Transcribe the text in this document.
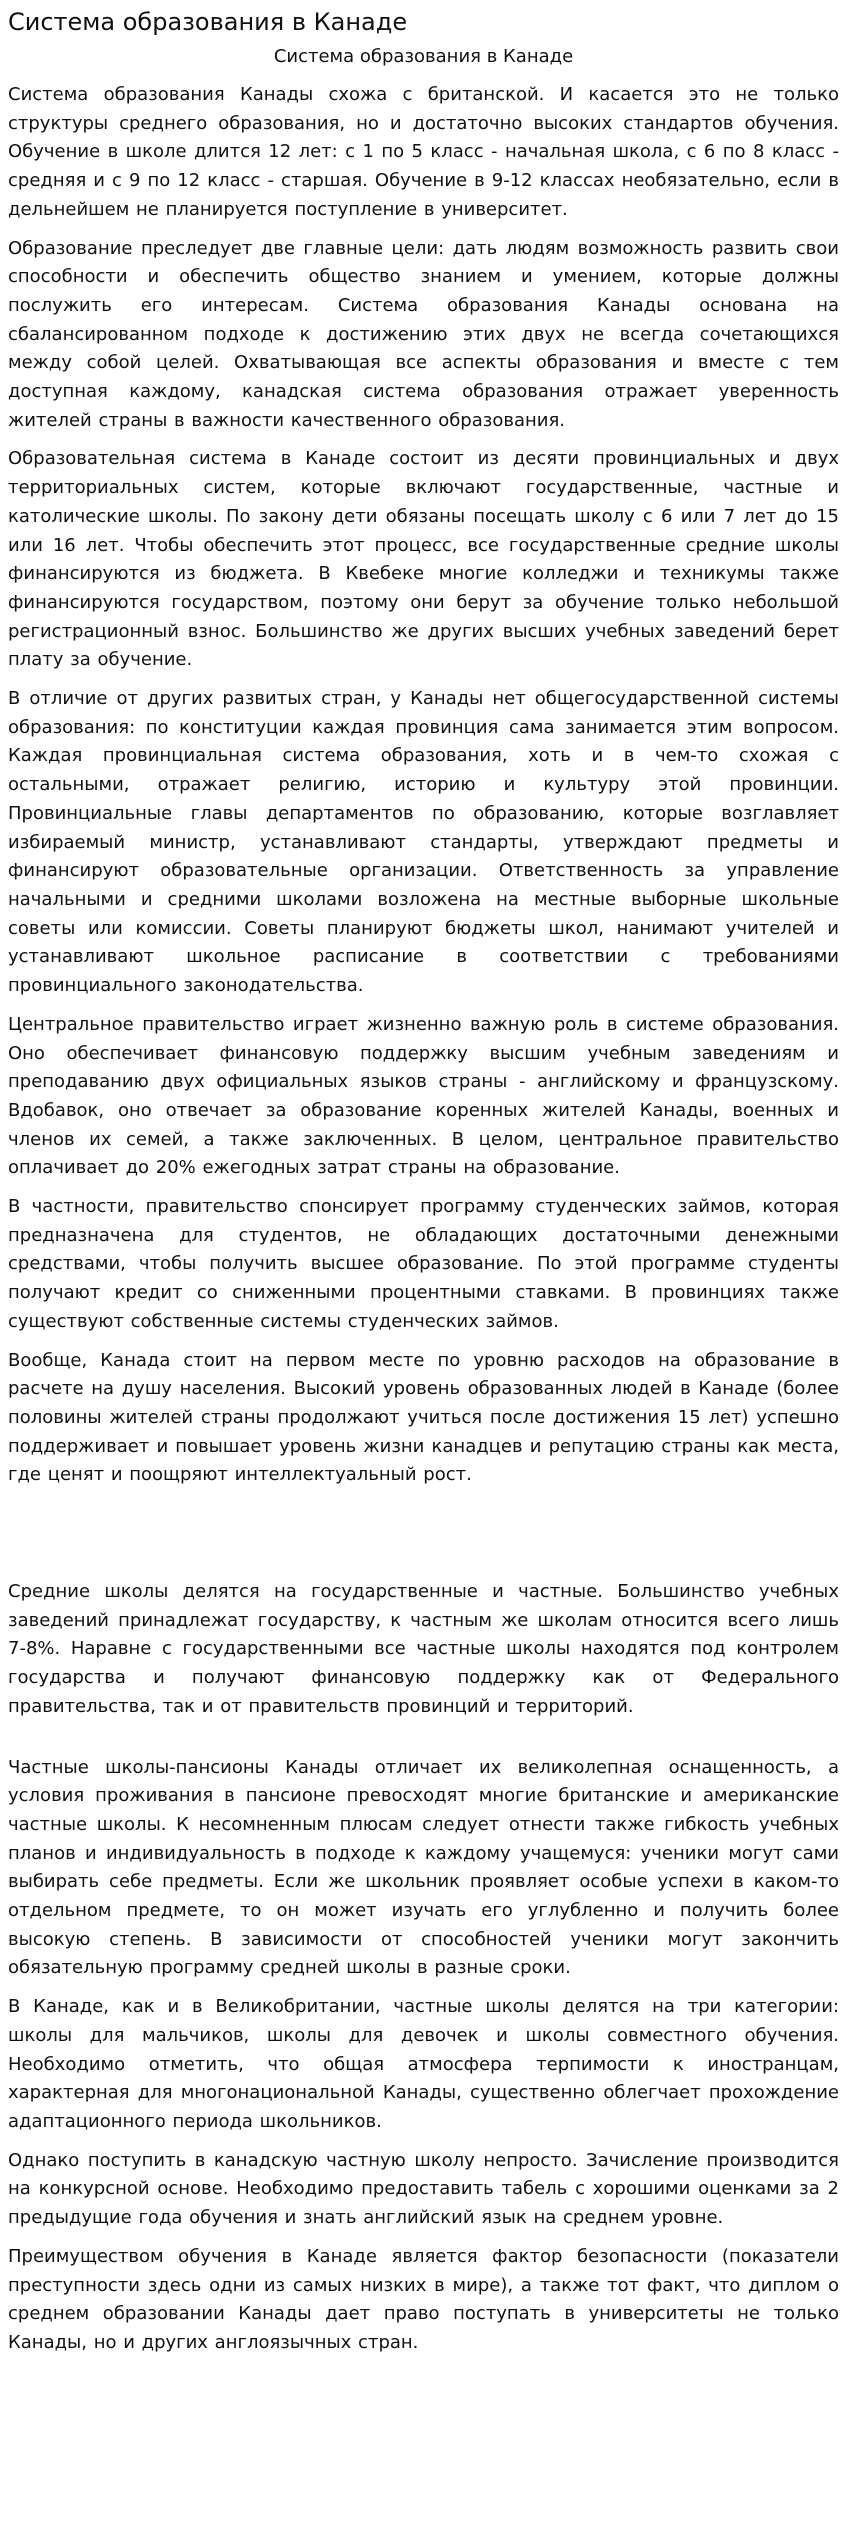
Система образования в Канаде
Система образования в Канаде

Система образования Канады схожа с британской. И касается это не только структуры среднего образования, но и достаточно высоких стандартов обучения. Обучение в школе длится 12 лет: с 1 по 5 класс - начальная школа, с 6 по 8 класс - средняя и с 9 по 12 класс - старшая. Обучение в 9-12 классах необязательно, если в дельнейшем не планируется поступление в университет.

Образование преследует две главные цели: дать людям возможность развить свои способности и обеспечить общество знанием и умением, которые должны послужить его интересам. Система образования Канады основана на сбалансированном подходе к достижению этих двух не всегда сочетающихся между собой целей. Охватывающая все аспекты образования и вместе с тем доступная каждому, канадская система образования отражает уверенность жителей страны в важности качественного образования.

Образовательная система в Канаде состоит из десяти провинциальных и двух территориальных систем, которые включают государственные, частные и католические школы. По закону дети обязаны посещать школу с 6 или 7 лет до 15 или 16 лет. Чтобы обеспечить этот процесс, все государственные средние школы финансируются из бюджета. В Квебеке многие колледжи и техникумы также финансируются государством, поэтому они берут за обучение только небольшой регистрационный взнос. Большинство же других высших учебных заведений берет плату за обучение.

В отличие от других развитых стран, у Канады нет общегосударственной системы образования: по конституции каждая провинция сама занимается этим вопросом. Каждая провинциальная система образования, хоть и в чем-то схожая с остальными, отражает религию, историю и культуру этой провинции. Провинциальные главы департаментов по образованию, которые возглавляет избираемый министр, устанавливают стандарты, утверждают предметы и финансируют образовательные организации. Ответственность за управление начальными и средними школами возложена на местные выборные школьные советы или комиссии. Советы планируют бюджеты школ, нанимают учителей и устанавливают школьное расписание в соответствии с требованиями провинциального законодательства.

Центральное правительство играет жизненно важную роль в системе образования. Оно обеспечивает финансовую поддержку высшим учебным заведениям и преподаванию двух официальных языков страны - английскому и французскому. Вдобавок, оно отвечает за образование коренных жителей Канады, военных и членов их семей, а также заключенных. В целом, центральное правительство оплачивает до 20% ежегодных затрат страны на образование.

В частности, правительство спонсирует программу студенческих займов, которая предназначена для студентов, не обладающих достаточными денежными средствами, чтобы получить высшее образование. По этой программе студенты получают кредит со сниженными процентными ставками. В провинциях также существуют собственные системы студенческих займов.

Вообще, Канада стоит на первом месте по уровню расходов на образование в расчете на душу населения. Высокий уровень образованных людей в Канаде (более половины жителей страны продолжают учиться после достижения 15 лет) успешно поддерживает и повышает уровень жизни канадцев и репутацию страны как места, где ценят и поощряют интеллектуальный рост.

Средние школы делятся на государственные и частные. Большинство учебных заведений принадлежат государству, к частным же школам относится всего лишь 7-8%. Наравне с государственными все частные школы находятся под контролем государства и получают финансовую поддержку как от Федерального правительства, так и от правительств провинций и территорий.

Частные школы-пансионы Канады отличает их великолепная оснащенность, а условия проживания в пансионе превосходят многие британские и американские частные школы. К несомненным плюсам следует отнести также гибкость учебных планов и индивидуальность в подходе к каждому учащемуся: ученики могут сами выбирать себе предметы. Если же школьник проявляет особые успехи в каком-то отдельном предмете, то он может изучать его углубленно и получить более высокую степень. В зависимости от способностей ученики могут закончить обязательную программу средней школы в разные сроки.

В Канаде, как и в Великобритании, частные школы делятся на три категории: школы для мальчиков, школы для девочек и школы совместного обучения. Необходимо отметить, что общая атмосфера терпимости к иностранцам, характерная для многонациональной Канады, существенно облегчает прохождение адаптационного периода школьников.

Однако поступить в канадскую частную школу непросто. Зачисление производится на конкурсной основе. Необходимо предоставить табель с хорошими оценками за 2 предыдущие года обучения и знать английский язык на среднем уровне.

Преимуществом обучения в Канаде является фактор безопасности (показатели преступности здесь одни из самых низких в мире), а также тот факт, что диплом о среднем образовании Канады дает право поступать в университеты не только Канады, но и других англоязычных стран.
